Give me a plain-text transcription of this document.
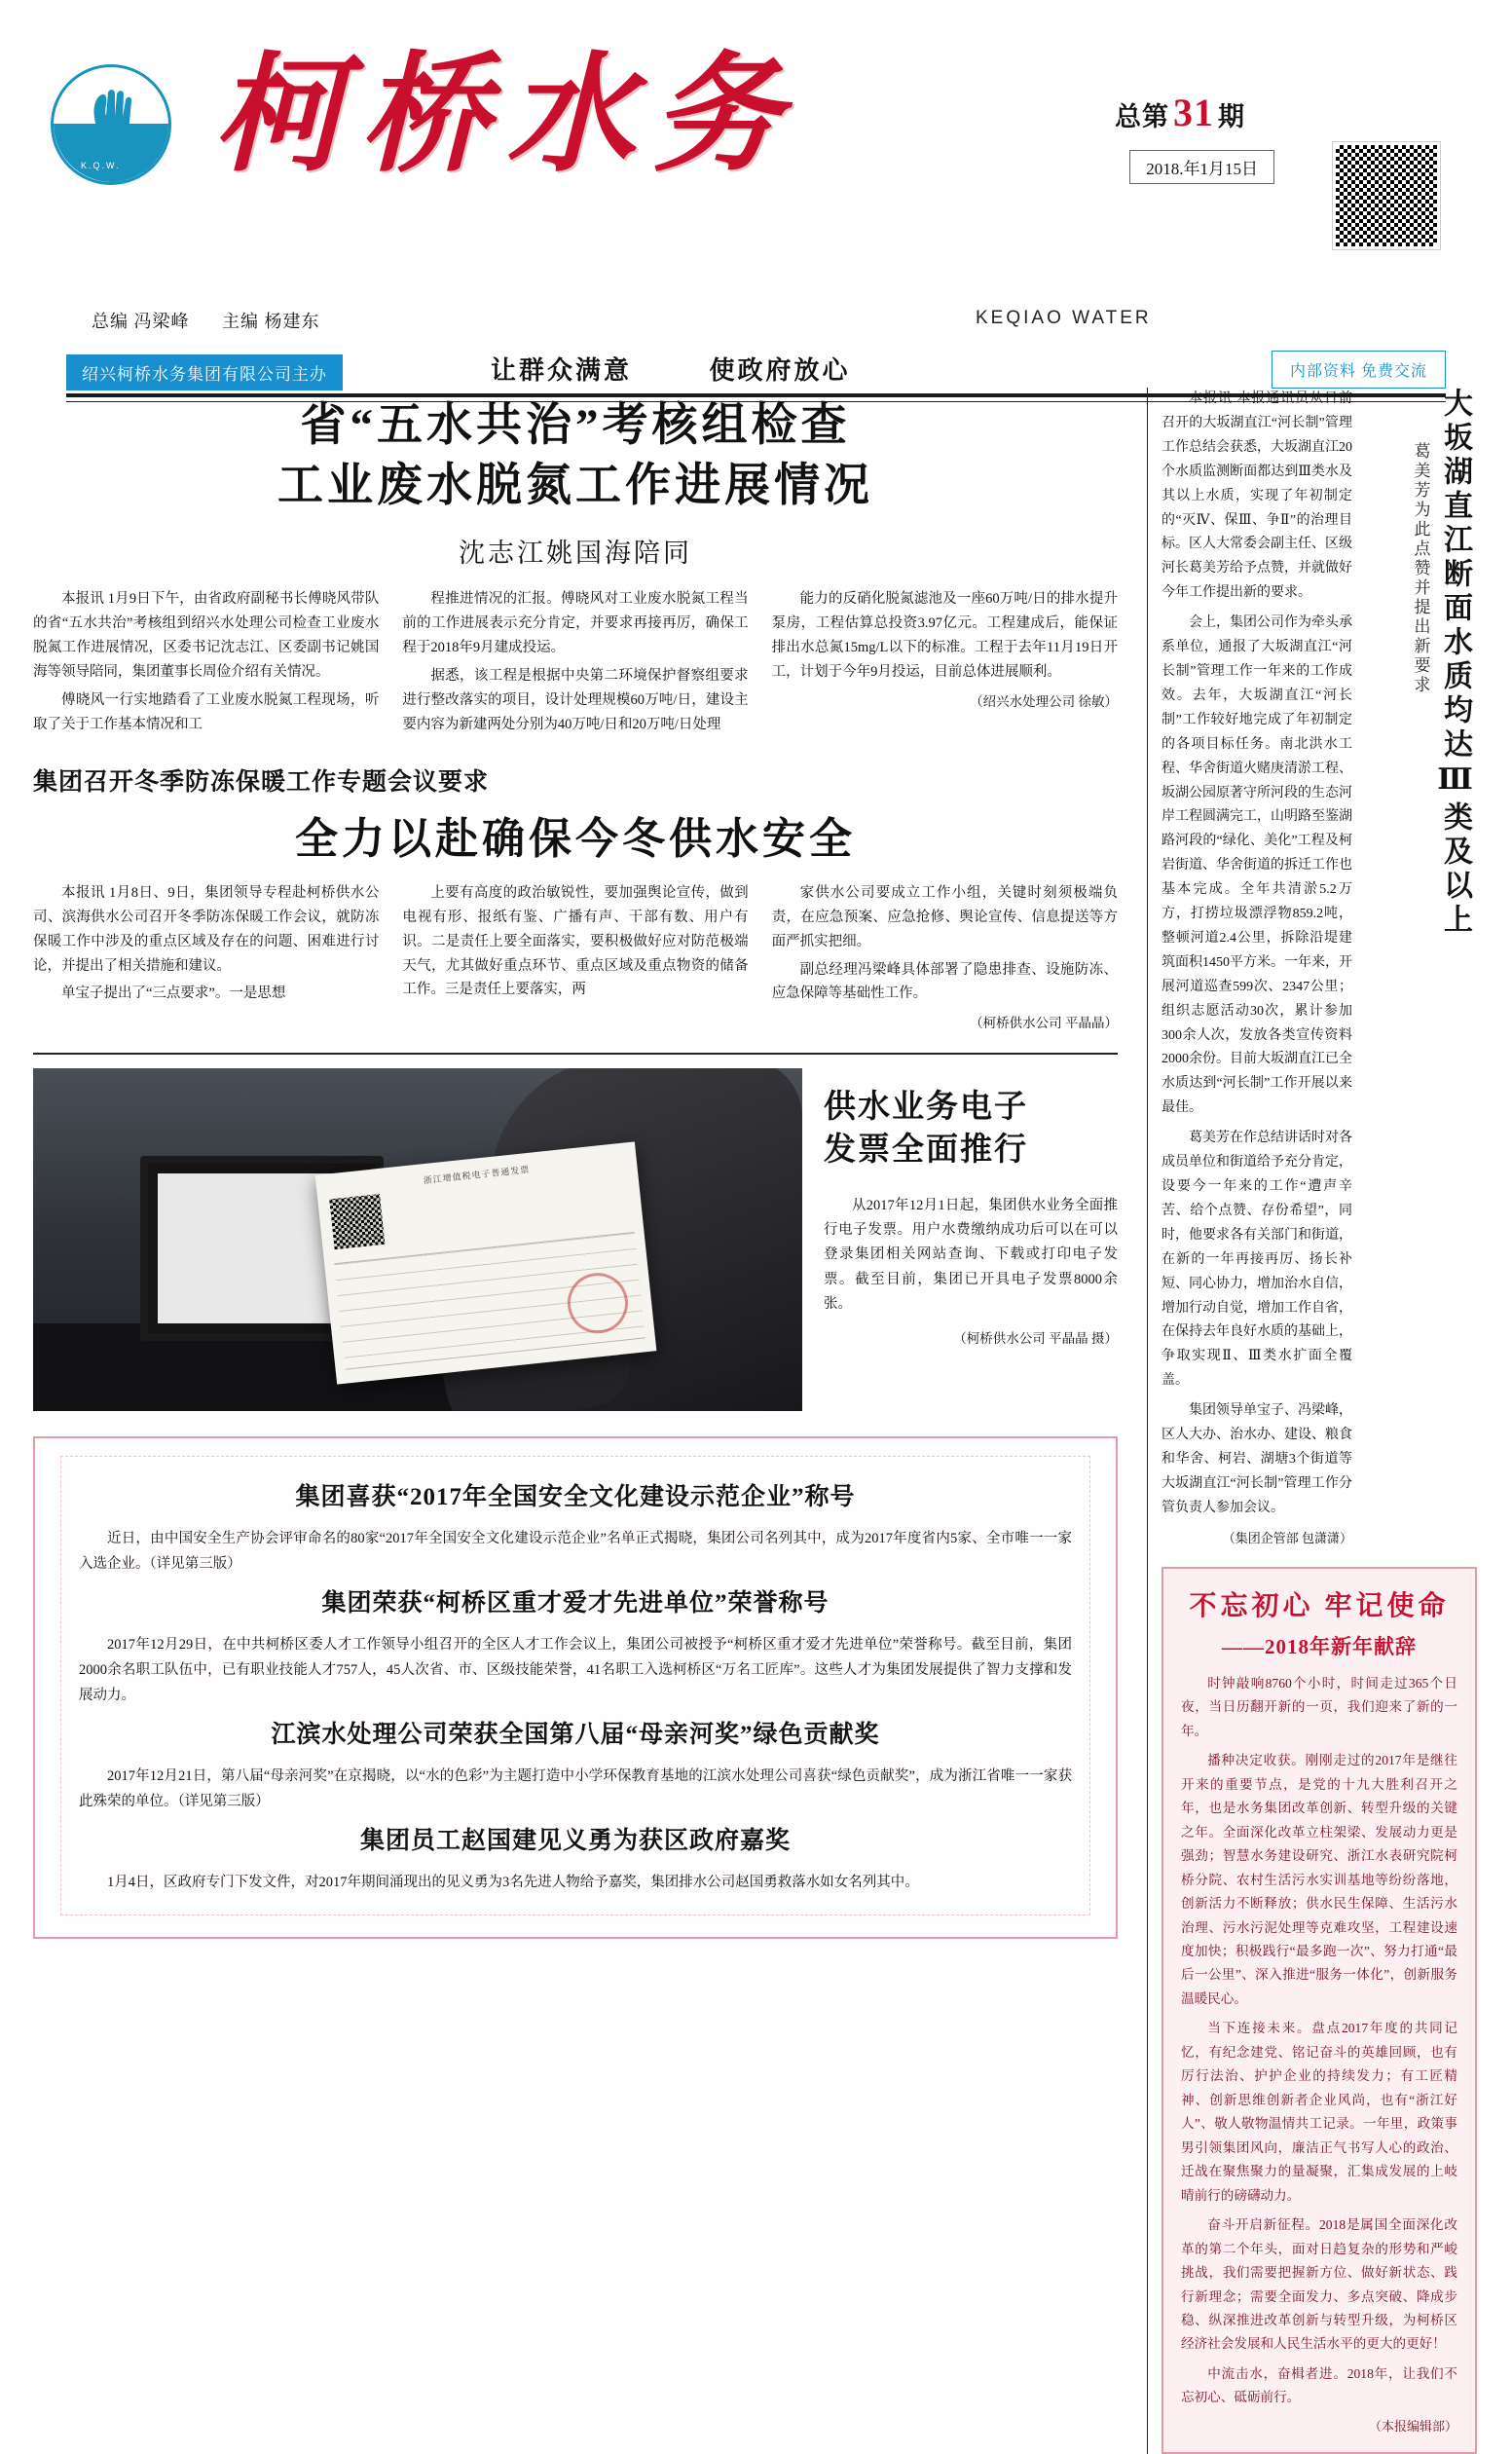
K.Q.W. 柯桥水务
KEQIAO WATER
总第 31 期
2018.年1月15日
总编 冯梁峰 主编 杨建东
绍兴柯桥水务集团有限公司主办	让群众满意	使政府放心	内部资料 免费交流
省“五水共治”考核组检查
工业废水脱氮工作进展情况
沈志江姚国海陪同

本报讯 1月9日下午，由省政府副秘书长傅晓风带队的省“五水共治”考核组到绍兴水处理公司检查工业废水脱氮工作进展情况，区委书记沈志江、区委副书记姚国海等领导陪同，集团董事长周俭介绍有关情况。

傅晓风一行实地踏看了工业废水脱氮工程现场，听取了关于工作基本情况和工

程推进情况的汇报。傅晓风对工业废水脱氮工程当前的工作进展表示充分肯定，并要求再接再厉，确保工程于2018年9月建成投运。

据悉，该工程是根据中央第二环境保护督察组要求进行整改落实的项目，设计处理规模60万吨/日，建设主要内容为新建两处分别为40万吨/日和20万吨/日处理

能力的反硝化脱氮滤池及一座60万吨/日的排水提升泵房，工程估算总投资3.97亿元。工程建成后，能保证排出水总氮15mg/L以下的标准。工程于去年11月19日开工，计划于今年9月投运，目前总体进展顺利。

（绍兴水处理公司 徐敏）
集团召开冬季防冻保暖工作专题会议要求
全力以赴确保今冬供水安全

本报讯 1月8日、9日，集团领导专程赴柯桥供水公司、滨海供水公司召开冬季防冻保暖工作会议，就防冻保暖工作中涉及的重点区域及存在的问题、困难进行讨论，并提出了相关措施和建议。

单宝子提出了“三点要求”。一是思想

上要有高度的政治敏锐性，要加强舆论宣传，做到电视有形、报纸有鉴、广播有声、干部有数、用户有识。二是责任上要全面落实，要积极做好应对防范极端天气，尤其做好重点环节、重点区域及重点物资的储备工作。三是责任上要落实，两

家供水公司要成立工作小组，关键时刻须极端负责，在应急预案、应急抢修、舆论宣传、信息提送等方面严抓实把细。

副总经理冯梁峰具体部署了隐患排查、设施防冻、应急保障等基础性工作。

（柯桥供水公司 平晶晶）
浙江增值税电子普通发票
供水业务电子
发票全面推行

从2017年12月1日起，集团供水业务全面推行电子发票。用户水费缴纳成功后可以在可以登录集团相关网站查询、下载或打印电子发票。截至目前，集团已开具电子发票8000余张。

（柯桥供水公司 平晶晶 摄）
集团喜获“2017年全国安全文化建设示范企业”称号

近日，由中国安全生产协会评审命名的80家“2017年全国安全文化建设示范企业”名单正式揭晓，集团公司名列其中，成为2017年度省内5家、全市唯一一家入选企业。（详见第三版）

集团荣获“柯桥区重才爱才先进单位”荣誉称号

2017年12月29日，在中共柯桥区委人才工作领导小组召开的全区人才工作会议上，集团公司被授予“柯桥区重才爱才先进单位”荣誉称号。截至目前，集团2000余名职工队伍中，已有职业技能人才757人，45人次省、市、区级技能荣誉，41名职工入选柯桥区“万名工匠库”。这些人才为集团发展提供了智力支撑和发展动力。

江滨水处理公司荣获全国第八届“母亲河奖”绿色贡献奖

2017年12月21日，第八届“母亲河奖”在京揭晓，以“水的色彩”为主题打造中小学环保教育基地的江滨水处理公司喜获“绿色贡献奖”，成为浙江省唯一一家获此殊荣的单位。（详见第三版）

集团员工赵国建见义勇为获区政府嘉奖

1月4日，区政府专门下发文件，对2017年期间涌现出的见义勇为3名先进人物给予嘉奖，集团排水公司赵国勇救落水如女名列其中。

本报讯 本报通讯员从日前召开的大坂湖直江“河长制”管理工作总结会获悉，大坂湖直江20个水质监测断面都达到Ⅲ类水及其以上水质，实现了年初制定的“灭Ⅳ、保Ⅲ、争Ⅱ”的治理目标。区人大常委会副主任、区级河长葛美芳给予点赞，并就做好今年工作提出新的要求。

会上，集团公司作为牵头承系单位，通报了大坂湖直江“河长制”管理工作一年来的工作成效。去年，大坂湖直江“河长制”工作较好地完成了年初制定的各项目标任务。南北洪水工程、华舍街道火赌庚清淤工程、坂湖公园原著守所河段的生态河岸工程圆满完工，山明路至鉴湖路河段的“绿化、美化”工程及柯岩街道、华舍街道的拆迁工作也基本完成。全年共清淤5.2万方，打捞垃圾漂浮物859.2吨，整顿河道2.4公里，拆除沿堤建筑面积1450平方米。一年来，开展河道巡查599次、2347公里；组织志愿活动30次，累计参加300余人次，发放各类宣传资料2000余份。目前大坂湖直江已全水质达到“河长制”工作开展以来最佳。

葛美芳在作总结讲话时对各成员单位和街道给予充分肯定，设要今一年来的工作“遭声辛苦、给个点赞、存份希望”，同时，他要求各有关部门和街道，在新的一年再接再厉、扬长补短、同心协力，增加治水自信，增加行动自觉，增加工作自省，在保持去年良好水质的基础上，争取实现Ⅱ、Ⅲ类水扩面全覆盖。

集团领导单宝子、冯梁峰，区人大办、治水办、建设、粮食和华舍、柯岩、湖塘3个街道等大坂湖直江“河长制”管理工作分管负责人参加会议。

（集团企管部 包潇潇）
大坂湖直江断面水质均达Ⅲ类及以上
葛美芳为此点赞并提出新要求
不忘初心 牢记使命
——2018年新年献辞

时钟敲响8760个小时，时间走过365个日夜，当日历翻开新的一页，我们迎来了新的一年。

播种决定收获。刚刚走过的2017年是继往开来的重要节点，是党的十九大胜利召开之年，也是水务集团改革创新、转型升级的关键之年。全面深化改革立柱架梁、发展动力更是强劲；智慧水务建设研究、浙江水表研究院柯桥分院、农村生活污水实训基地等纷纷落地，创新活力不断释放；供水民生保障、生活污水治理、污水污泥处理等克难攻坚，工程建设速度加快；积极践行“最多跑一次”、努力打通“最后一公里”、深入推进“服务一体化”，创新服务温暖民心。

当下连接未来。盘点2017年度的共同记忆，有纪念建党、铭记奋斗的英雄回顾，也有厉行法治、护护企业的持续发力；有工匠精神、创新思维创新者企业风尚，也有“浙江好人”、敬人敬物温情共工记录。一年里，政策事男引领集团风向，廉洁正气书写人心的政治、迁战在聚焦聚力的量凝聚，汇集成发展的上岐晴前行的磅礴动力。

奋斗开启新征程。2018是属国全面深化改革的第二个年头，面对日趋复杂的形势和严峻挑战，我们需要把握新方位、做好新状态、践行新理念；需要全面发力、多点突破、降成步稳、纵深推进改革创新与转型升级，为柯桥区经济社会发展和人民生活水平的更大的更好！

中流击水，奋楫者进。2018年，让我们不忘初心、砥砺前行。

（本报编辑部）
